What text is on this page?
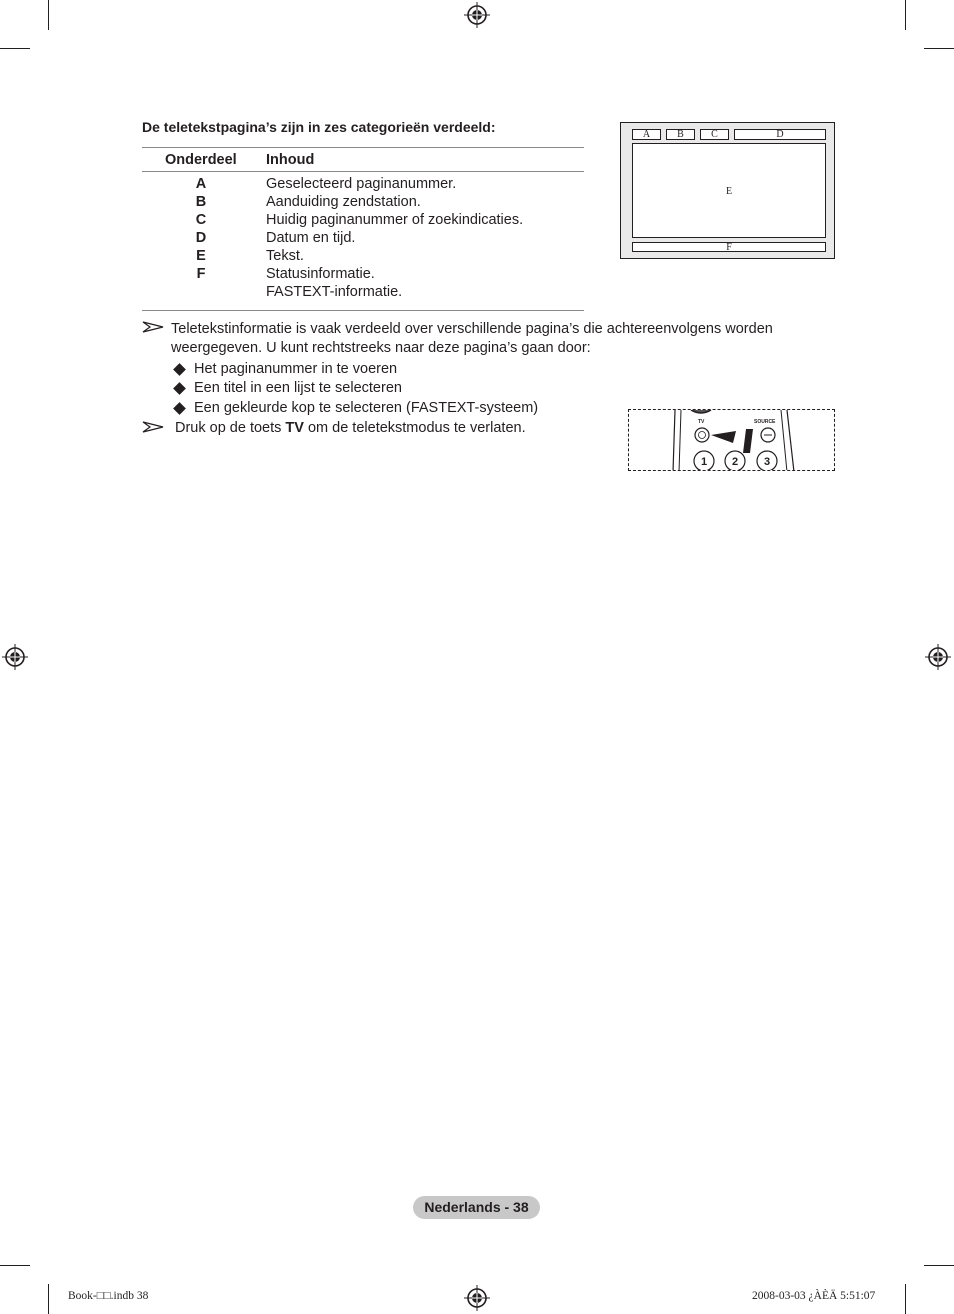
De teletekstpagina’s zijn in zes categorieën verdeeld:
Onderdeel Inhoud
A	Geselecteerd paginanummer.
B	Aanduiding zendstation.
C	Huidig paginanummer of zoekindicaties.
D	Datum en tijd.
E	Tekst.
F	Statusinformatie.
FASTEXT-informatie.
A	B	C	D
E
F
Teletekstinformatie is vaak verdeeld over verschillende pagina’s die achtereenvolgens worden
weergegeven. U kunt rechtstreeks naar deze pagina’s gaan door:
Het paginanummer in te voeren
Een titel in een lijst te selecteren
Een gekleurde kop te selecteren (FASTEXT-systeem)
Druk op de toets TV om de teletekstmodus te verlaten.	TV	SOURCE
1 2 3
Nederlands - 38
Book-□□.indb 38	2008-03-03 ¿ÀÈÄ 5:51:07
